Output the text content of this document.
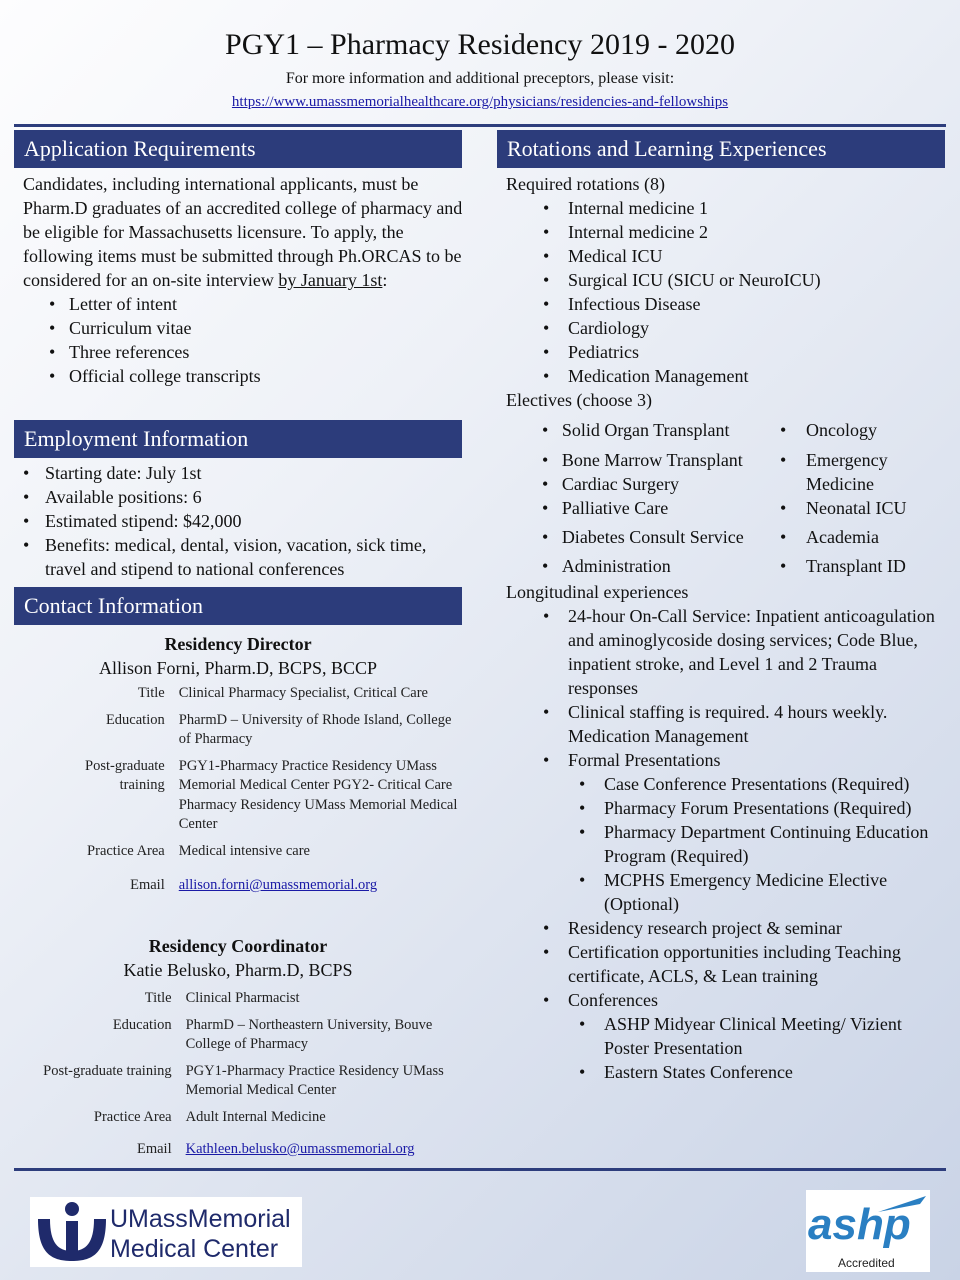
PGY1 – Pharmacy Residency 2019 - 2020
For more information and additional preceptors, please visit:
https://www.umassmemorialhealthcare.org/physicians/residencies-and-fellowships
Application Requirements
Candidates, including international applicants, must be Pharm.D graduates of an accredited college of pharmacy and be eligible for Massachusetts licensure. To apply, the following items must be submitted through Ph.ORCAS to be considered for an on-site interview by January 1st:
• Letter of intent
• Curriculum vitae
• Three references
• Official college transcripts
Employment Information
• Starting date: July 1st
• Available positions: 6
• Estimated stipend: $42,000
• Benefits: medical, dental, vision, vacation, sick time, travel and stipend to national conferences
Contact Information
Residency Director
Allison Forni, Pharm.D, BCPS, BCCP
Title	Clinical Pharmacy Specialist, Critical Care
Education	PharmD – University of Rhode Island, College of Pharmacy
Post-graduate training	PGY1-Pharmacy Practice Residency UMass Memorial Medical Center PGY2- Critical Care Pharmacy Residency UMass Memorial Medical Center
Practice Area	Medical intensive care
Email	allison.forni@umassmemorial.org
Residency Coordinator
Katie Belusko, Pharm.D, BCPS
Title	Clinical Pharmacist
Education	PharmD – Northeastern University, Bouve College of Pharmacy
Post-graduate training	PGY1-Pharmacy Practice Residency UMass Memorial Medical Center
Practice Area	Adult Internal Medicine
Email	Kathleen.belusko@umassmemorial.org
Rotations and Learning Experiences
Required rotations (8)
• Internal medicine 1
• Internal medicine 2
• Medical ICU
• Surgical ICU (SICU or NeuroICU)
• Infectious Disease
• Cardiology
• Pediatrics
• Medication Management
Electives (choose 3)
•   Solid Organ Transplant
•   Bone Marrow Transplant
•   Cardiac Surgery
•   Palliative Care
•   Diabetes Consult Service
•   Administration
• Oncology
• Emergency Medicine
• Neonatal ICU
• Academia
• Transplant ID
Longitudinal experiences
• 24-hour On-Call Service: Inpatient anticoagulation and aminoglycoside dosing services; Code Blue, inpatient stroke, and Level 1 and 2 Trauma responses
• Clinical staffing is required. 4 hours weekly. Medication Management
• Formal Presentations
• Case Conference Presentations (Required)
• Pharmacy Forum Presentations (Required)
• Pharmacy Department Continuing Education Program (Required)
• MCPHS Emergency Medicine Elective (Optional)
• Residency research project & seminar
• Certification opportunities including Teaching certificate, ACLS, & Lean training
• Conferences
• ASHP Midyear Clinical Meeting/ Vizient Poster Presentation
• Eastern States Conference
UMassMemorial
Medical Center	ashp
Accredited
